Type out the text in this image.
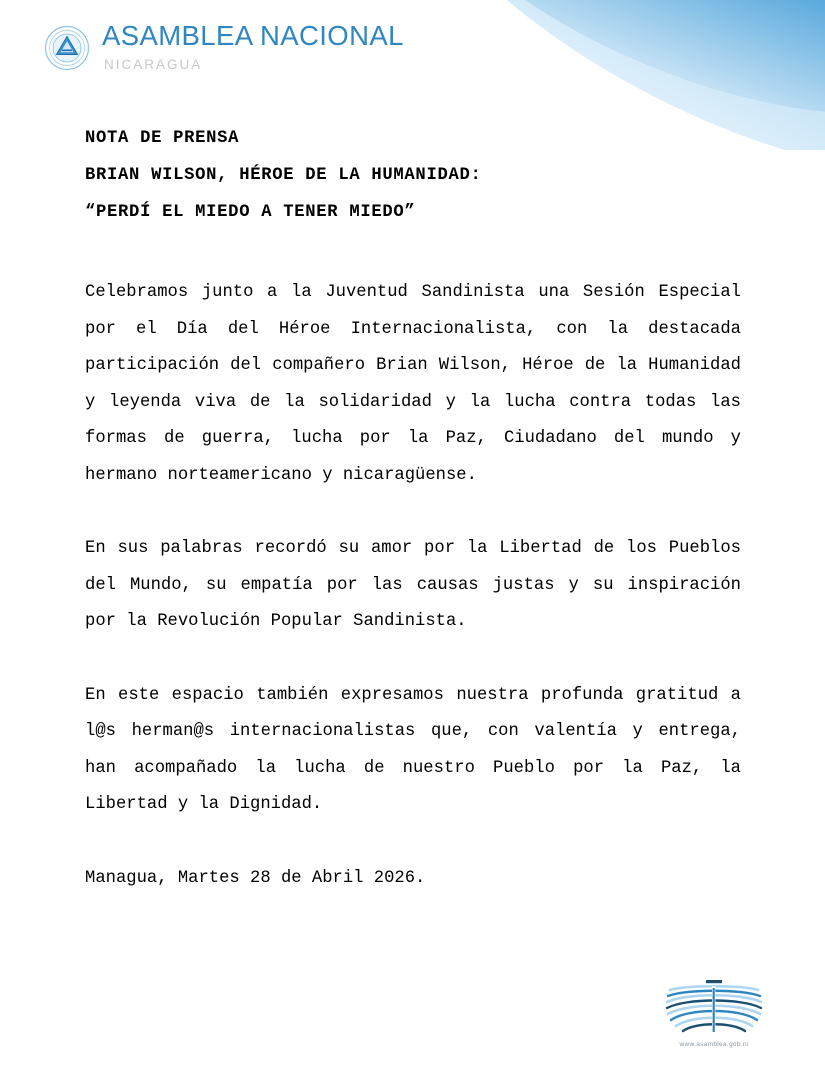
ASAMBLEA NACIONAL
NICARAGUA
NOTA DE PRENSA
BRIAN WILSON, HÉROE DE LA HUMANIDAD:
“PERDÍ EL MIEDO A TENER MIEDO”

Celebramos junto a la Juventud Sandinista una Sesión Especial por el Día del Héroe Internacionalista, con la destacada participación del compañero Brian Wilson, Héroe de la Humanidad y leyenda viva de la solidaridad y la lucha contra todas las formas de guerra, lucha por la Paz, Ciudadano del mundo y hermano norteamericano y nicaragüense.

En sus palabras recordó su amor por la Libertad de los Pueblos del Mundo, su empatía por las causas justas y su inspiración por la Revolución Popular Sandinista.

En este espacio también expresamos nuestra profunda gratitud a l@s herman@s internacionalistas que, con valentía y entrega, han acompañado la lucha de nuestro Pueblo por la Paz, la Libertad y la Dignidad.

Managua, Martes 28 de Abril 2026.

www.asamblea.gob.ni
